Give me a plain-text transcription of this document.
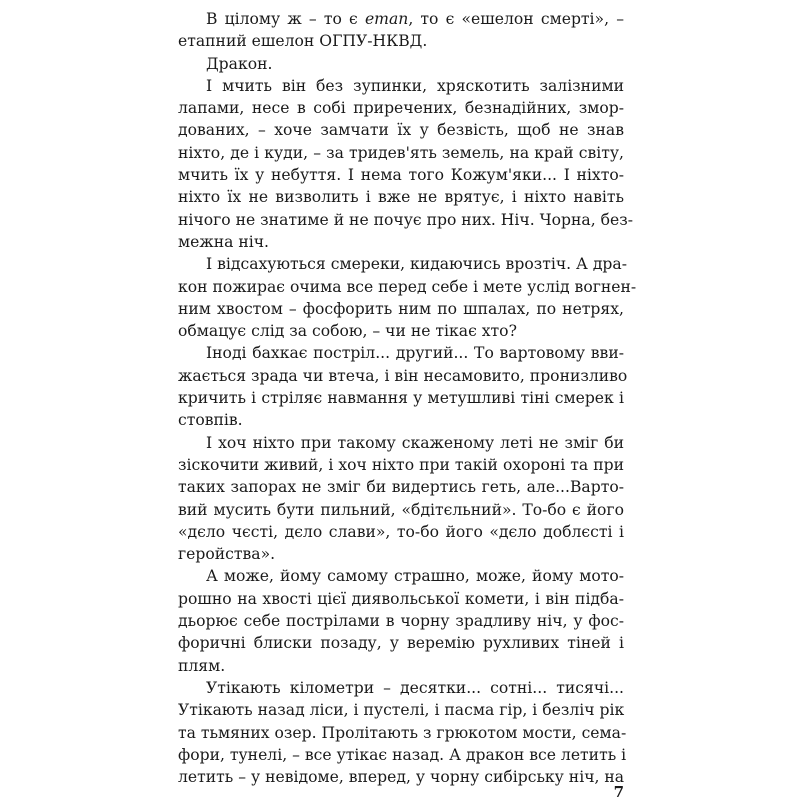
В цілому ж – то є етап, то є «ешелон смерті», –
етапний ешелон ОГПУ-НКВД.
Дракон.
І мчить він без зупинки, хряскотить залізними
лапами, несе в собі приречених, безнадійних, змор-
дованих, – хоче замчати їх у безвість, щоб не знав
ніхто, де і куди, – за тридев'ять земель, на край світу,
мчить їх у небуття. І нема того Кожум'яки... І ніхто-
ніхто їх не визволить і вже не врятує, і ніхто навіть
нічого не знатиме й не почує про них. Ніч. Чорна, без-
межна ніч.
І відсахуються смереки, кидаючись врозтіч. А дра-
кон пожирає очима все перед себе і мете услід вогнен-
ним хвостом – фосфорить ним по шпалах, по нетрях,
обмацує слід за собою, – чи не тікає хто?
Іноді бахкає постріл... другий... То вартовому вви-
жається зрада чи втеча, і він несамовито, пронизливо
кричить і стріляє навмання у метушливі тіні смерек і
стовпів.
І хоч ніхто при такому скаженому леті не зміг би
зіскочити живий, і хоч ніхто при такій охороні та при
таких запорах не зміг би видертись геть, але...Варто-
вий мусить бути пильний, «бдітєльний». То-бо є його
«дєло чєсті, дєло слави», то-бо його «дєло доблєсті і
геройства».
А може, йому самому страшно, може, йому мото-
рошно на хвості цієї диявольської комети, і він підба-
дьорює себе пострілами в чорну зрадливу ніч, у фос-
форичні блиски позаду, у веремію рухливих тіней і
плям.
Утікають кілометри – десятки... сотні... тисячі...
Утікають назад ліси, і пустелі, і пасма гір, і безліч рік
та тьмяних озер. Пролітають з грюкотом мости, сема-
фори, тунелі, – все утікає назад. А дракон все летить і
летить – у невідоме, вперед, у чорну сибірську ніч, на
7
